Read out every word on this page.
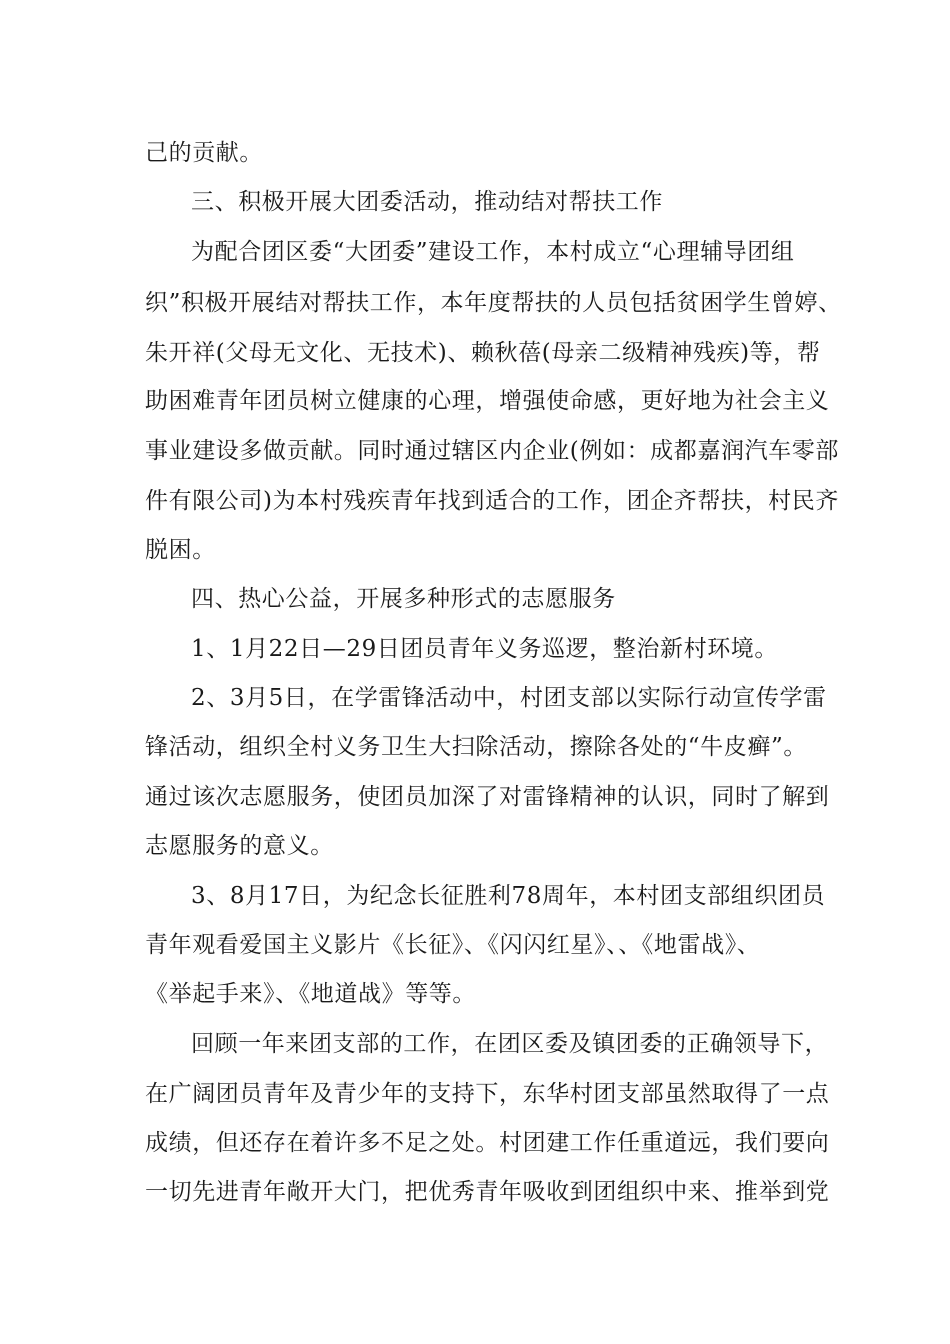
己的贡献。
三、积极开展大团委活动，推动结对帮扶工作
为配合团区委“大团委”建设工作，本村成立“心理辅导团组
织”积极开展结对帮扶工作，本年度帮扶的人员包括贫困学生曾婷、
朱开祥(父母无文化、无技术)、赖秋蓓(母亲二级精神残疾)等，帮
助困难青年团员树立健康的心理，增强使命感，更好地为社会主义
事业建设多做贡献。同时通过辖区内企业(例如：成都嘉润汽车零部
件有限公司)为本村残疾青年找到适合的工作，团企齐帮扶，村民齐
脱困。
四、热心公益，开展多种形式的志愿服务
1、1月22日—29日团员青年义务巡逻，整治新村环境。
2、3月5日，在学雷锋活动中，村团支部以实际行动宣传学雷
锋活动，组织全村义务卫生大扫除活动，擦除各处的“牛皮癣”。
通过该次志愿服务，使团员加深了对雷锋精神的认识，同时了解到
志愿服务的意义。
3、8月17日，为纪念长征胜利78周年，本村团支部组织团员
青年观看爱国主义影片《长征》、《闪闪红星》、、《地雷战》、
《举起手来》、《地道战》等等。
回顾一年来团支部的工作，在团区委及镇团委的正确领导下，
在广阔团员青年及青少年的支持下，东华村团支部虽然取得了一点
成绩，但还存在着许多不足之处。村团建工作任重道远，我们要向
一切先进青年敞开大门，把优秀青年吸收到团组织中来、推举到党
